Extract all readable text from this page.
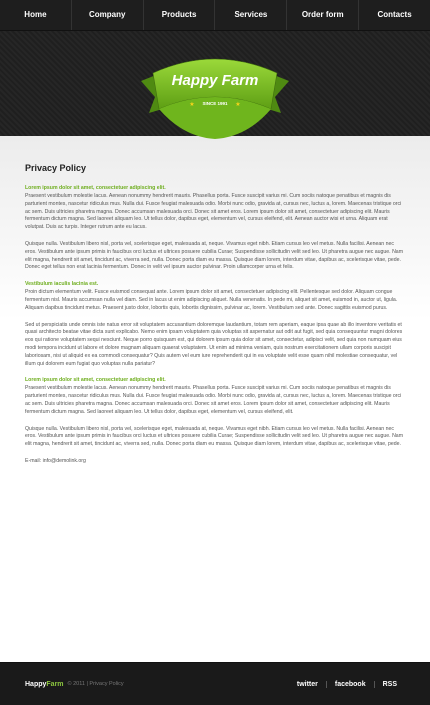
Home	Company	Products	Services	Order form	Contacts
Happy Farm
SINCE 1991
★	★
Privacy Policy
Lorem ipsum dolor sit amet, consectetuer adipiscing elit.

Praesent vestibulum molestie lacus. Aenean nonummy hendrerit mauris. Phasellus porta. Fusce suscipit varius mi. Cum sociis natoque penatibus et magnis dis parturient montes, nascetur ridiculus mus. Nulla dui. Fusce feugiat malesuada odio. Morbi nunc odio, gravida at, cursus nec, luctus a, lorem. Maecenas tristique orci ac sem. Duis ultricies pharetra magna. Donec accumsan malesuada orci. Donec sit amet eros. Lorem ipsum dolor sit amet, consectetuer adipiscing elit. Mauris fermentum dictum magna. Sed laoreet aliquam leo. Ut tellus dolor, dapibus eget, elementum vel, cursus eleifend, elit. Aenean auctor wisi et urna. Aliquam erat volutpat. Duis ac turpis. Integer rutrum ante eu lacus.

Quisque nulla. Vestibulum libero nisl, porta vel, scelerisque eget, malesuada at, neque. Vivamus eget nibh. Etiam cursus leo vel metus. Nulla facilisi. Aenean nec eros. Vestibulum ante ipsum primis in faucibus orci luctus et ultrices posuere cubilia Curae; Suspendisse sollicitudin velit sed leo. Ut pharetra augue nec augue. Nam elit magna, hendrerit sit amet, tincidunt ac, viverra sed, nulla. Donec porta diam eu massa. Quisque diam lorem, interdum vitae, dapibus ac, scelerisque vitae, pede. Donec eget tellus non erat lacinia fermentum. Donec in velit vel ipsum auctor pulvinar. Proin ullamcorper urna et felis.

Vestibulum iaculis lacinia est.

Proin dictum elementum velit. Fusce euismod consequat ante. Lorem ipsum dolor sit amet, consectetuer adipiscing elit. Pellentesque sed dolor. Aliquam congue fermentum nisl. Mauris accumsan nulla vel diam. Sed in lacus ut enim adipiscing aliquet. Nulla venenatis. In pede mi, aliquet sit amet, euismod in, auctor ut, ligula. Aliquam dapibus tincidunt metus. Praesent justo dolor, lobortis quis, lobortis dignissim, pulvinar ac, lorem. Vestibulum sed ante. Donec sagittis euismod purus.

Sed ut perspiciatis unde omnis iste natus error sit voluptatem accusantium doloremque laudantium, totam rem aperiam, eaque ipsa quae ab illo inventore veritatis et quasi architecto beatae vitae dicta sunt explicabo. Nemo enim ipsam voluptatem quia voluptas sit aspernatur aut odit aut fugit, sed quia consequuntur magni dolores eos qui ratione voluptatem sequi nesciunt. Neque porro quisquam est, qui dolorem ipsum quia dolor sit amet, consectetur, adipisci velit, sed quia non numquam eius modi tempora incidunt ut labore et dolore magnam aliquam quaerat voluptatem. Ut enim ad minima veniam, quis nostrum exercitationem ullam corporis suscipit laboriosam, nisi ut aliquid ex ea commodi consequatur? Quis autem vel eum iure reprehenderit qui in ea voluptate velit esse quam nihil molestiae consequatur, vel illum qui dolorem eum fugiat quo voluptas nulla pariatur?

Lorem ipsum dolor sit amet, consectetuer adipiscing elit.

Praesent vestibulum molestie lacus. Aenean nonummy hendrerit mauris. Phasellus porta. Fusce suscipit varius mi. Cum sociis natoque penatibus et magnis dis parturient montes, nascetur ridiculus mus. Nulla dui. Fusce feugiat malesuada odio. Morbi nunc odio, gravida at, cursus nec, luctus a, lorem. Maecenas tristique orci ac sem. Duis ultricies pharetra magna. Donec accumsan malesuada orci. Donec sit amet eros. Lorem ipsum dolor sit amet, consectetuer adipiscing elit. Mauris fermentum dictum magna. Sed laoreet aliquam leo. Ut tellus dolor, dapibus eget, elementum vel, cursus eleifend, elit.

Quisque nulla. Vestibulum libero nisl, porta vel, scelerisque eget, malesuada at, neque. Vivamus eget nibh. Etiam cursus leo vel metus. Nulla facilisi. Aenean nec eros. Vestibulum ante ipsum primis in faucibus orci luctus et ultrices posuere cubilia Curae; Suspendisse sollicitudin velit sed leo. Ut pharetra augue nec augue. Nam elit magna, hendrerit sit amet, tincidunt ac, viverra sed, nulla. Donec porta diam eu massa. Quisque diam lorem, interdum vitae, dapibus ac, scelerisque vitae, pede.

E-mail: info@demolink.org
HappyFarm © 2011 | Privacy Policy	twitter	facebook	RSS
